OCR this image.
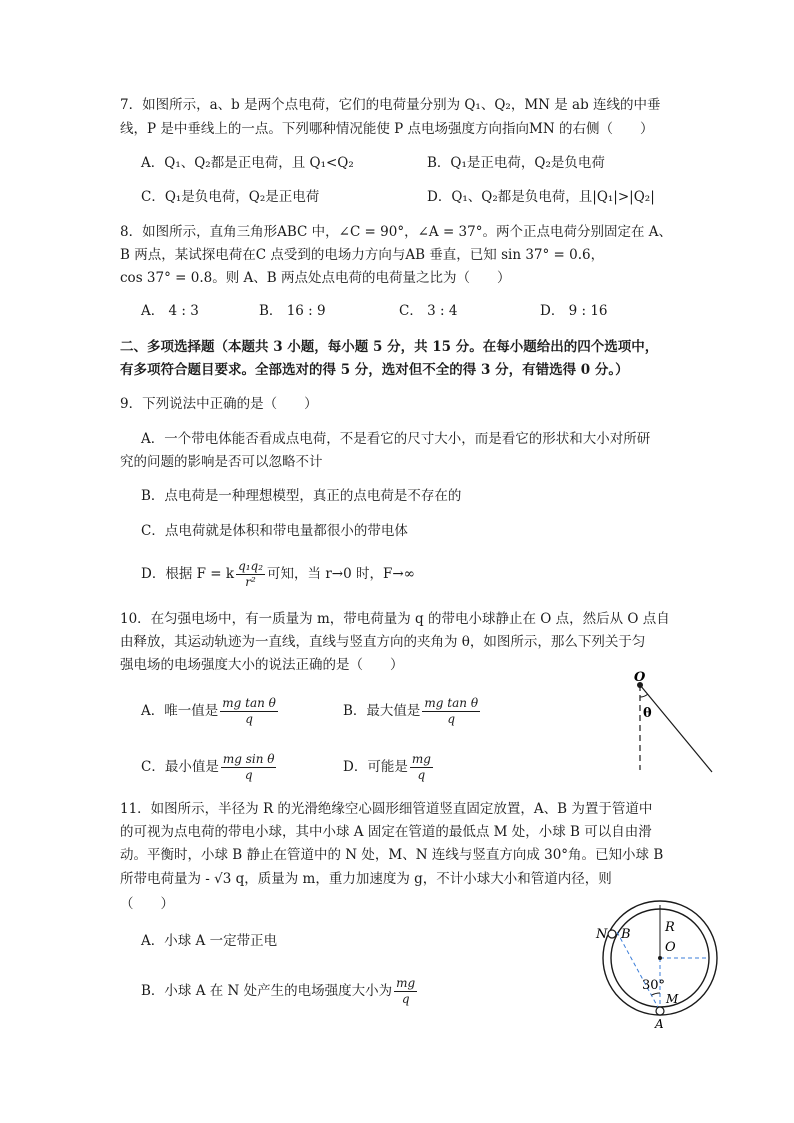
7．如图所示，a、b 是两个点电荷，它们的电荷量分别为 Q₁、Q₂，MN 是 ab 连线的中垂
线，P 是中垂线上的一点。下列哪种情况能使 P 点电场强度方向指向MN 的右侧（　　）
A．Q₁、Q₂都是正电荷，且 Q₁<Q₂	B．Q₁是正电荷，Q₂是负电荷
C．Q₁是负电荷，Q₂是正电荷	D．Q₁、Q₂都是负电荷，且|Q₁|>|Q₂|
8．如图所示，直角三角形ABC 中，∠C = 90°，∠A = 37°。两个正点电荷分别固定在 A、
B 两点，某试探电荷在C 点受到的电场力方向与AB 垂直，已知 sin 37° = 0.6，
cos 37° = 0.8。则 A、B 两点处点电荷的电荷量之比为（　　）
A． 4 : 3	B． 16 : 9	C． 3 : 4	D． 9 : 16
二、多项选择题（本题共 3 小题，每小题 5 分，共 15 分。在每小题给出的四个选项中，
有多项符合题目要求。全部选对的得 5 分，选对但不全的得 3 分，有错选得 0 分。）
9．下列说法中正确的是（　　）
A．一个带电体能否看成点电荷，不是看它的尺寸大小，而是看它的形状和大小对所研
究的问题的影响是否可以忽略不计
B．点电荷是一种理想模型，真正的点电荷是不存在的
C．点电荷就是体积和带电量都很小的带电体
D．根据 F = k $\frac{\text{q₁q₂}}{\text{r²}}$ 可知，当 r→0 时，F→∞
10．在匀强电场中，有一质量为 m，带电荷量为 q 的带电小球静止在 O 点，然后从 O 点自
由释放，其运动轨迹为一直线，直线与竖直方向的夹角为 θ，如图所示，那么下列关于匀
强电场的电场强度大小的说法正确的是（　　）
A．唯一值是 $\frac{\text{mg tan θ}}{q}$	B．最大值是 $\frac{\text{mg tan θ}}{q}$
C．最小值是 $\frac{\text{mg sin θ}}{q}$	D．可能是 $\frac{mg}{q}$
O
θ
11．如图所示，半径为 R 的光滑绝缘空心圆形细管道竖直固定放置，A、B 为置于管道中
的可视为点电荷的带电小球，其中小球 A 固定在管道的最低点 M 处，小球 B 可以自由滑
动。平衡时，小球 B 静止在管道中的 N 处，M、N 连线与竖直方向成 30°角。已知小球 B
所带电荷量为 - √3 q，质量为 m，重力加速度为 g，不计小球大小和管道内径，则
（　　）
A．小球 A 一定带正电
B．小球 A 在 N 处产生的电场强度大小为 $\frac{mg}{q}$
N B	R
O
30°
M
A
